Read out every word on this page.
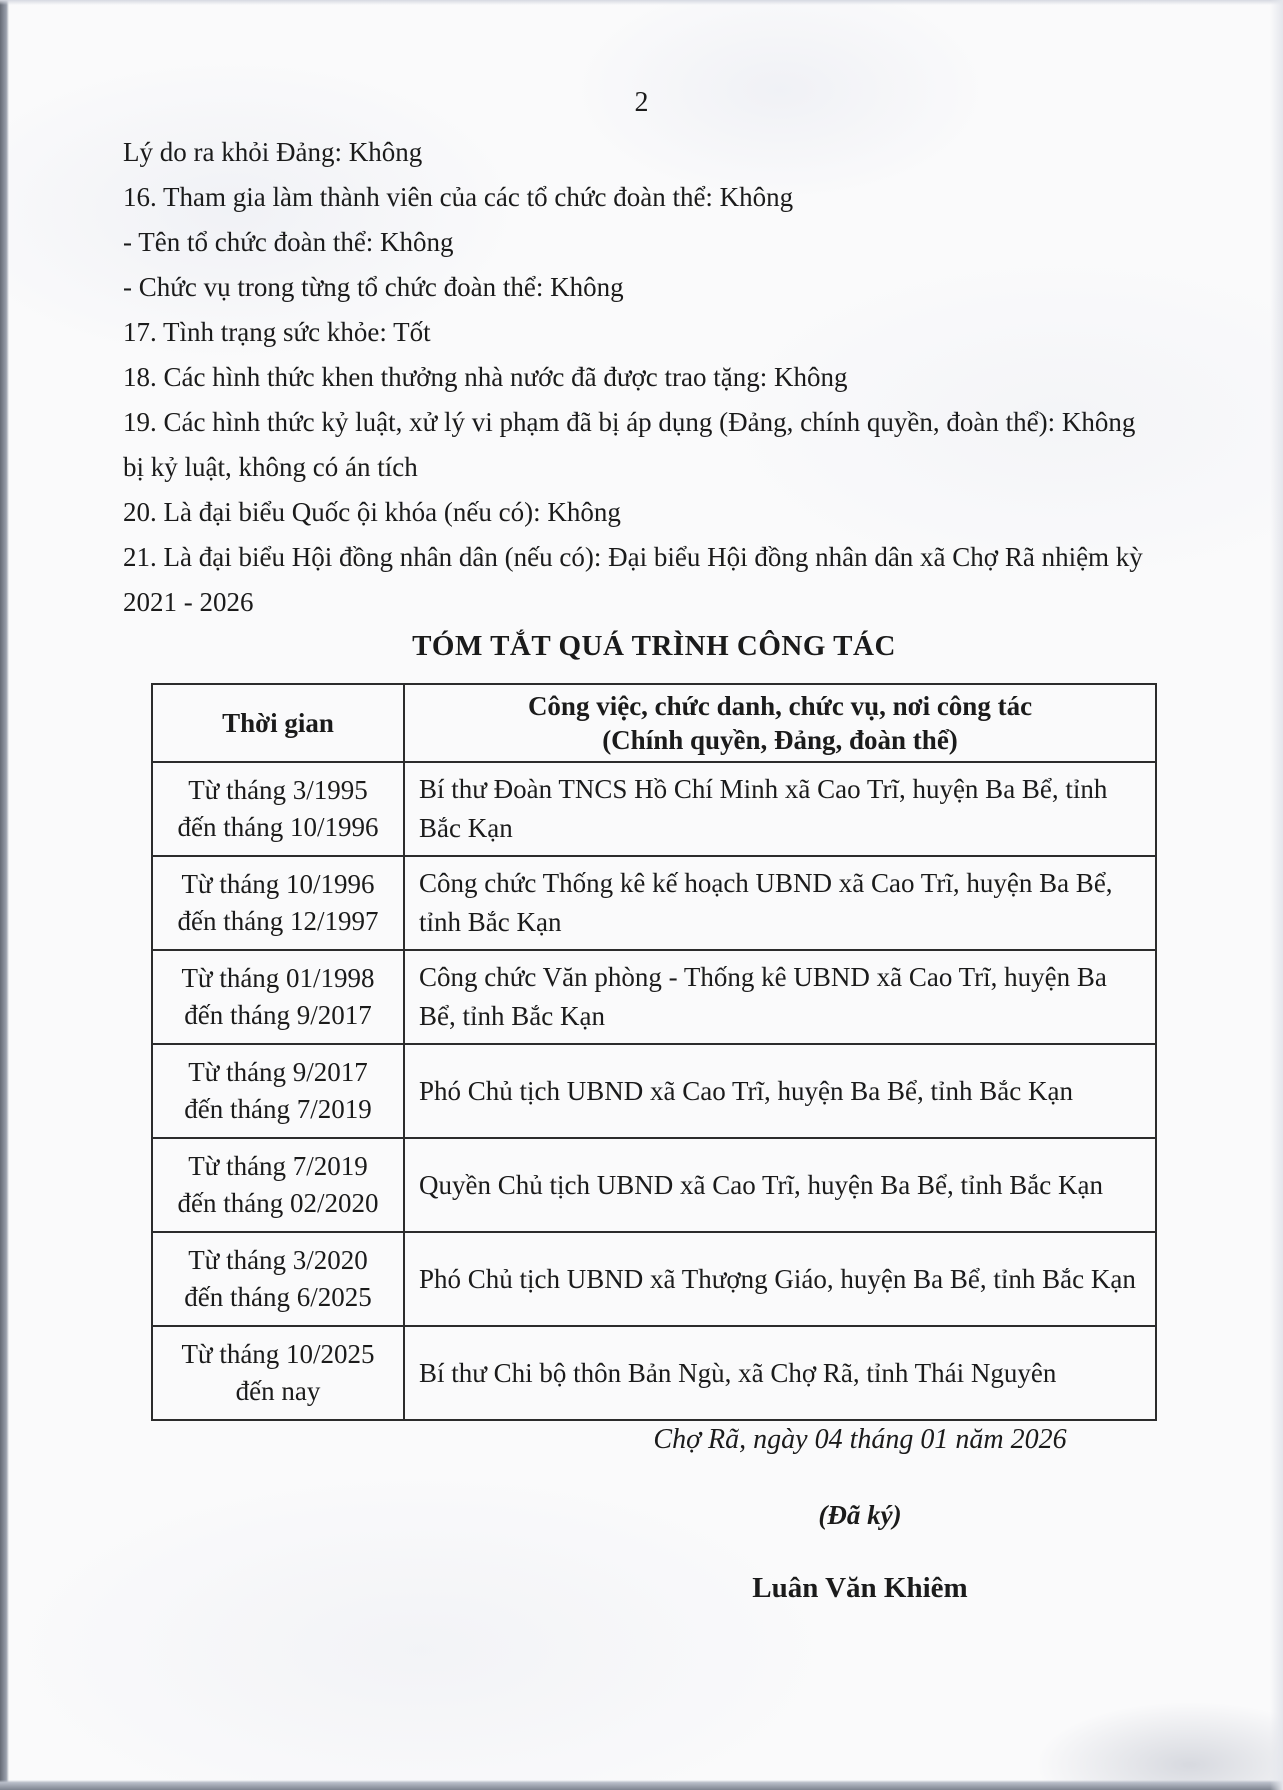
2

Lý do ra khỏi Đảng: Không

16. Tham gia làm thành viên của các tổ chức đoàn thể: Không

- Tên tổ chức đoàn thể: Không

- Chức vụ trong từng tổ chức đoàn thể: Không

17. Tình trạng sức khỏe: Tốt

18. Các hình thức khen thưởng nhà nước đã được trao tặng: Không

19. Các hình thức kỷ luật, xử lý vi phạm đã bị áp dụng (Đảng, chính quyền, đoàn thể): Không bị kỷ luật, không có án tích

20. Là đại biểu Quốc ội khóa (nếu có): Không

21. Là đại biểu Hội đồng nhân dân (nếu có): Đại biểu Hội đồng nhân dân xã Chợ Rã nhiệm kỳ 2021 - 2026

TÓM TẮT QUÁ TRÌNH CÔNG TÁC
Thời gian	Công việc, chức danh, chức vụ, nơi công tác
(Chính quyền, Đảng, đoàn thể)

Từ tháng 3/1995
đến tháng 10/1996	Bí thư Đoàn TNCS Hồ Chí Minh xã Cao Trĩ, huyện Ba Bể, tỉnh Bắc Kạn

Từ tháng 10/1996
đến tháng 12/1997	Công chức Thống kê kế hoạch UBND xã Cao Trĩ, huyện Ba Bể, tỉnh Bắc Kạn

Từ tháng 01/1998
đến tháng 9/2017	Công chức Văn phòng - Thống kê UBND xã Cao Trĩ, huyện Ba Bể, tỉnh Bắc Kạn

Từ tháng 9/2017
đến tháng 7/2019	Phó Chủ tịch UBND xã Cao Trĩ, huyện Ba Bể, tỉnh Bắc Kạn

Từ tháng 7/2019
đến tháng 02/2020	Quyền Chủ tịch UBND xã Cao Trĩ, huyện Ba Bể, tỉnh Bắc Kạn

Từ tháng 3/2020
đến tháng 6/2025	Phó Chủ tịch UBND xã Thượng Giáo, huyện Ba Bể, tỉnh Bắc Kạn

Từ tháng 10/2025
đến nay	Bí thư Chi bộ thôn Bản Ngù, xã Chợ Rã, tỉnh Thái Nguyên
Chợ Rã, ngày 04 tháng 01 năm 2026
(Đã ký)
Luân Văn Khiêm
